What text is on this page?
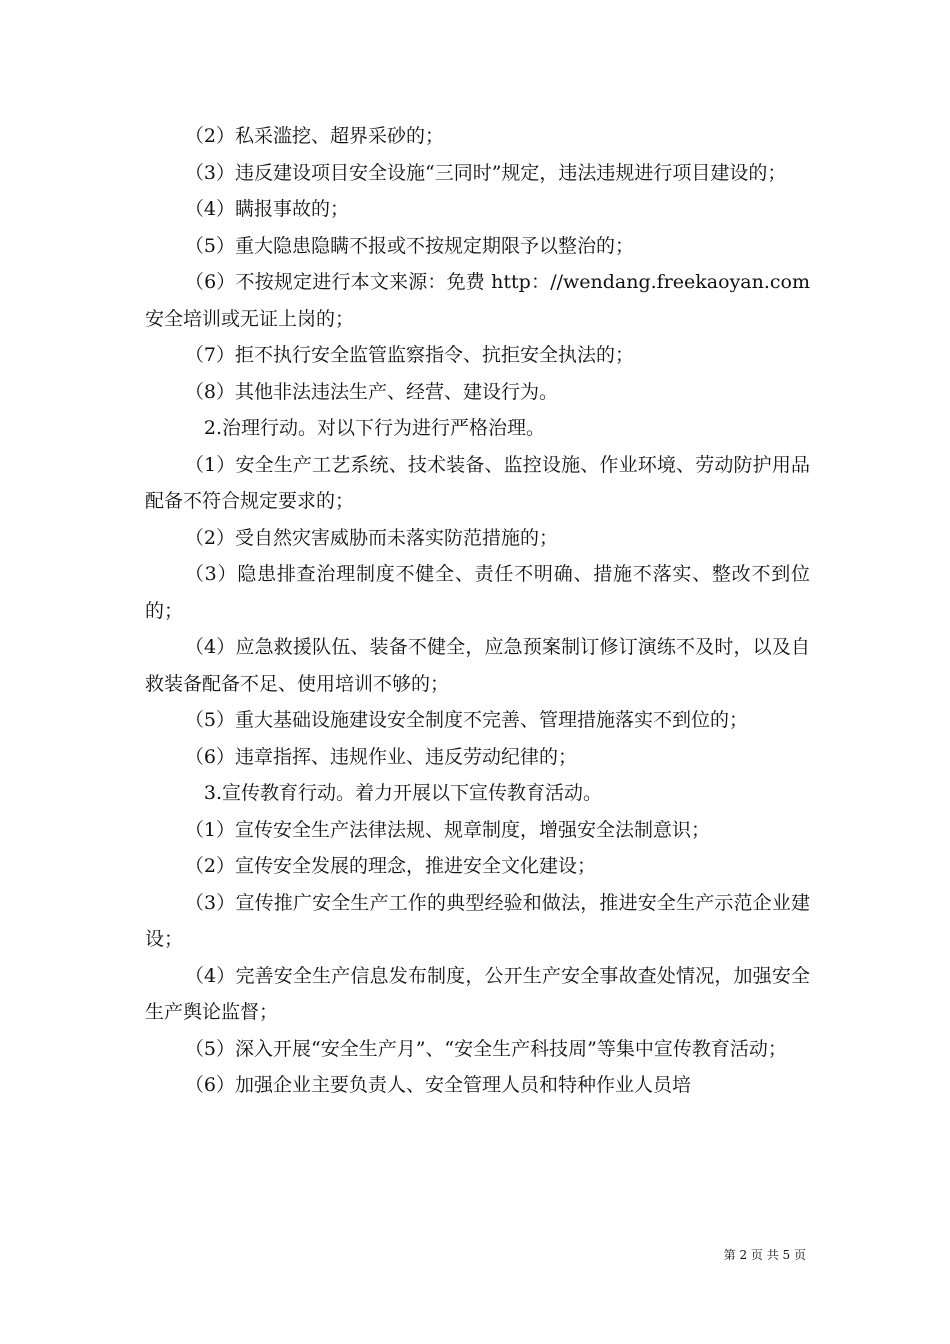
（2）私采滥挖、超界采砂的；

（3）违反建设项目安全设施“三同时”规定，违法违规进行项目建设的；

（4）瞒报事故的；

（5）重大隐患隐瞒不报或不按规定期限予以整治的；

（6）不按规定进行本文来源：免费 http：//wendang.freekaoyan.com 安全培训或无证上岗的；

（7）拒不执行安全监管监察指令、抗拒安全执法的；

（8）其他非法违法生产、经营、建设行为。

2.治理行动。对以下行为进行严格治理。

（1）安全生产工艺系统、技术装备、监控设施、作业环境、劳动防护用品配备不符合规定要求的；

（2）受自然灾害威胁而未落实防范措施的；

（3）隐患排查治理制度不健全、责任不明确、措施不落实、整改不到位的；

（4）应急救援队伍、装备不健全，应急预案制订修订演练不及时，以及自救装备配备不足、使用培训不够的；

（5）重大基础设施建设安全制度不完善、管理措施落实不到位的；

（6）违章指挥、违规作业、违反劳动纪律的；

3.宣传教育行动。着力开展以下宣传教育活动。

（1）宣传安全生产法律法规、规章制度，增强安全法制意识；

（2）宣传安全发展的理念，推进安全文化建设；

（3）宣传推广安全生产工作的典型经验和做法，推进安全生产示范企业建设；

（4）完善安全生产信息发布制度，公开生产安全事故查处情况，加强安全生产舆论监督；

（5）深入开展“安全生产月”、“安全生产科技周”等集中宣传教育活动；

（6）加强企业主要负责人、安全管理人员和特种作业人员培

第 2 页 共 5 页
